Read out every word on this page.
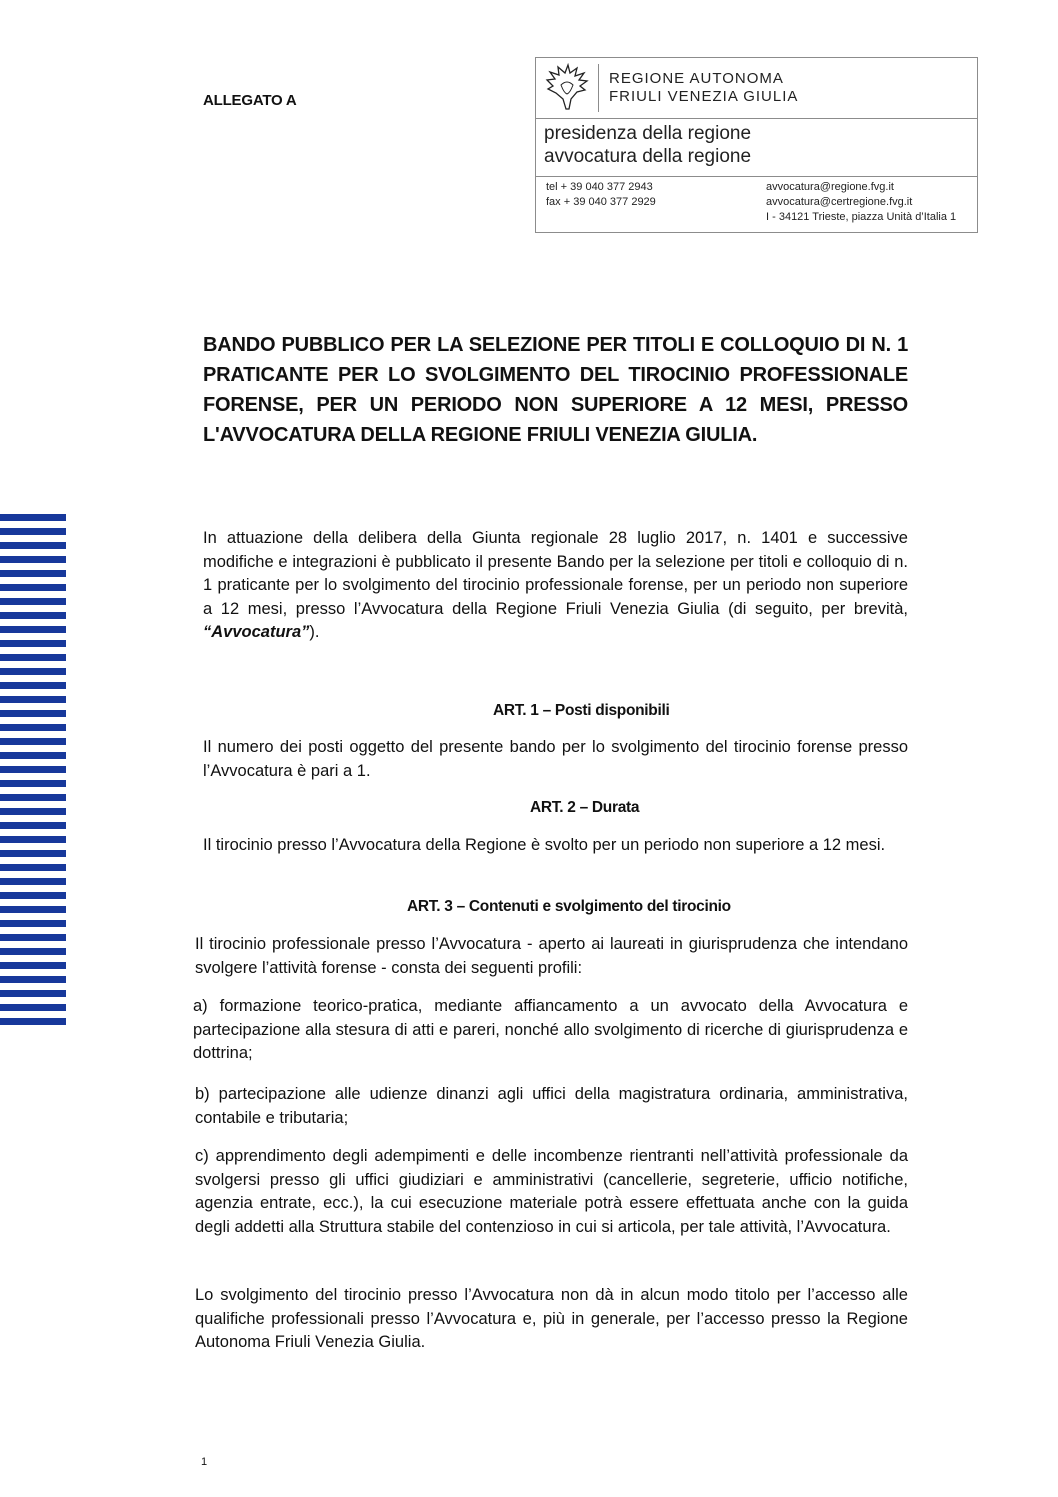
ALLEGATO A
REGIONE AUTONOMA
FRIULI VENEZIA GIULIA
presidenza della regione
avvocatura della regione
tel + 39 040 377 2943
fax + 39 040 377 2929
avvocatura@regione.fvg.it
avvocatura@certregione.fvg.it
I - 34121 Trieste, piazza Unità d’Italia 1

BANDO PUBBLICO PER LA SELEZIONE PER TITOLI E COLLOQUIO DI N. 1 PRATICANTE PER LO SVOLGIMENTO DEL TIROCINIO PROFESSIONALE FORENSE, PER UN PERIODO NON SUPERIORE A 12 MESI, PRESSO L'AVVOCATURA DELLA REGIONE FRIULI VENEZIA GIULIA.

In attuazione della delibera della Giunta regionale 28 luglio 2017, n. 1401 e successive modifiche e integrazioni è pubblicato il presente Bando per la selezione per titoli e colloquio di n. 1 praticante per lo svolgimento del tirocinio professionale forense, per un periodo non superiore a 12 mesi, presso l’Avvocatura della Regione Friuli Venezia Giulia (di seguito, per brevità, “Avvocatura”).

ART. 1 – Posti disponibili

Il numero dei posti oggetto del presente bando per lo svolgimento del tirocinio forense presso l’Avvocatura è pari a 1.

ART. 2 – Durata

Il tirocinio presso l’Avvocatura della Regione è svolto per un periodo non superiore a 12 mesi.

ART. 3 – Contenuti e svolgimento del tirocinio

Il tirocinio professionale presso l’Avvocatura - aperto ai laureati in giurisprudenza che intendano svolgere l’attività forense - consta dei seguenti profili:

a) formazione teorico-pratica, mediante affiancamento a un avvocato della Avvocatura e partecipazione alla stesura di atti e pareri, nonché allo svolgimento di ricerche di giurisprudenza e dottrina;
b) partecipazione alle udienze dinanzi agli uffici della magistratura ordinaria, amministrativa, contabile e tributaria;
c) apprendimento degli adempimenti e delle incombenze rientranti nell’attività professionale da svolgersi presso gli uffici giudiziari e amministrativi (cancellerie, segreterie, ufficio notifiche, agenzia entrate, ecc.), la cui esecuzione materiale potrà essere effettuata anche con la guida degli addetti alla Struttura stabile del contenzioso in cui si articola, per tale attività, l’Avvocatura.

Lo svolgimento del tirocinio presso l’Avvocatura non dà in alcun modo titolo per l’accesso alle qualifiche professionali presso l’Avvocatura e, più in generale, per l’accesso presso la Regione Autonoma Friuli Venezia Giulia.

1
